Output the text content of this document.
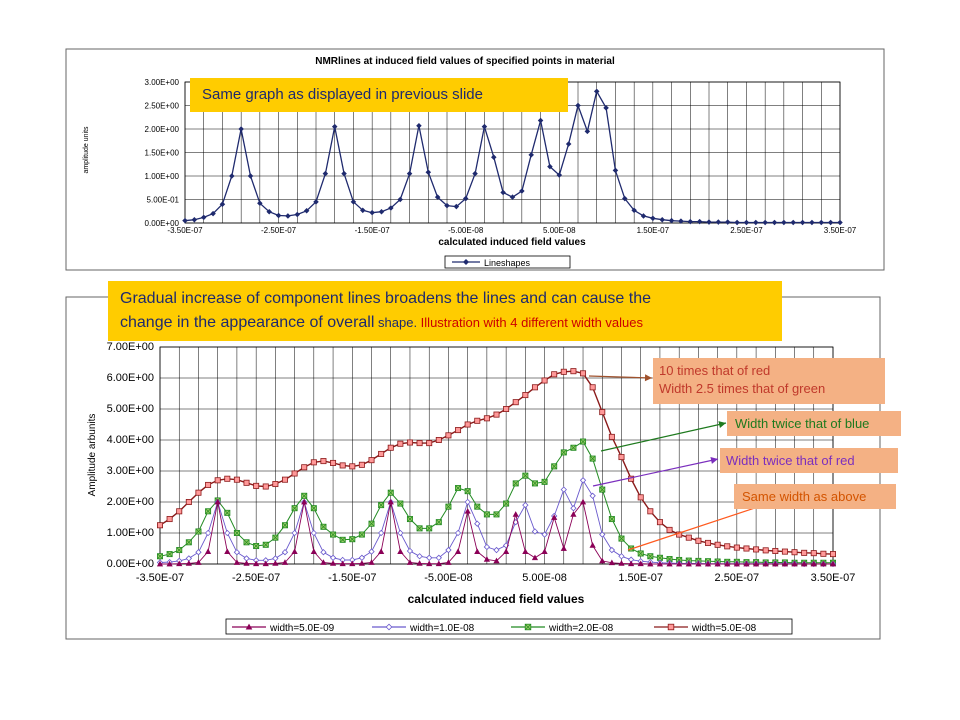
NMRlines at induced field values of specified points in material
0.00E+00
5.00E-01
1.00E+00
1.50E+00
2.00E+00
2.50E+00
3.00E+00
-3.50E-07	-2.50E-07	-1.50E-07	-5.00E-08	5.00E-08	1.50E-07	2.50E-07	3.50E-07
calculated induced field values
amplitude units
Lineshapes
0.00E+00
1.00E+00
2.00E+00
3.00E+00
4.00E+00
5.00E+00
6.00E+00
7.00E+00
-3.50E-07	-2.50E-07	-1.50E-07	-5.00E-08	5.00E-08	1.50E-07	2.50E-07	3.50E-07
calculated induced field values
Amplitude arbunits
width=5.0E-09	width=1.0E-08	width=2.0E-08	width=5.0E-08
Same graph as displayed in previous slide
Gradual increase of component lines broadens the lines and can cause the
change in the appearance of overall shape. Illustration with 4 different width values
10 times that of red
Width 2.5 times that of green
Width twice that of blue
Width twice that of red
Same width as above
